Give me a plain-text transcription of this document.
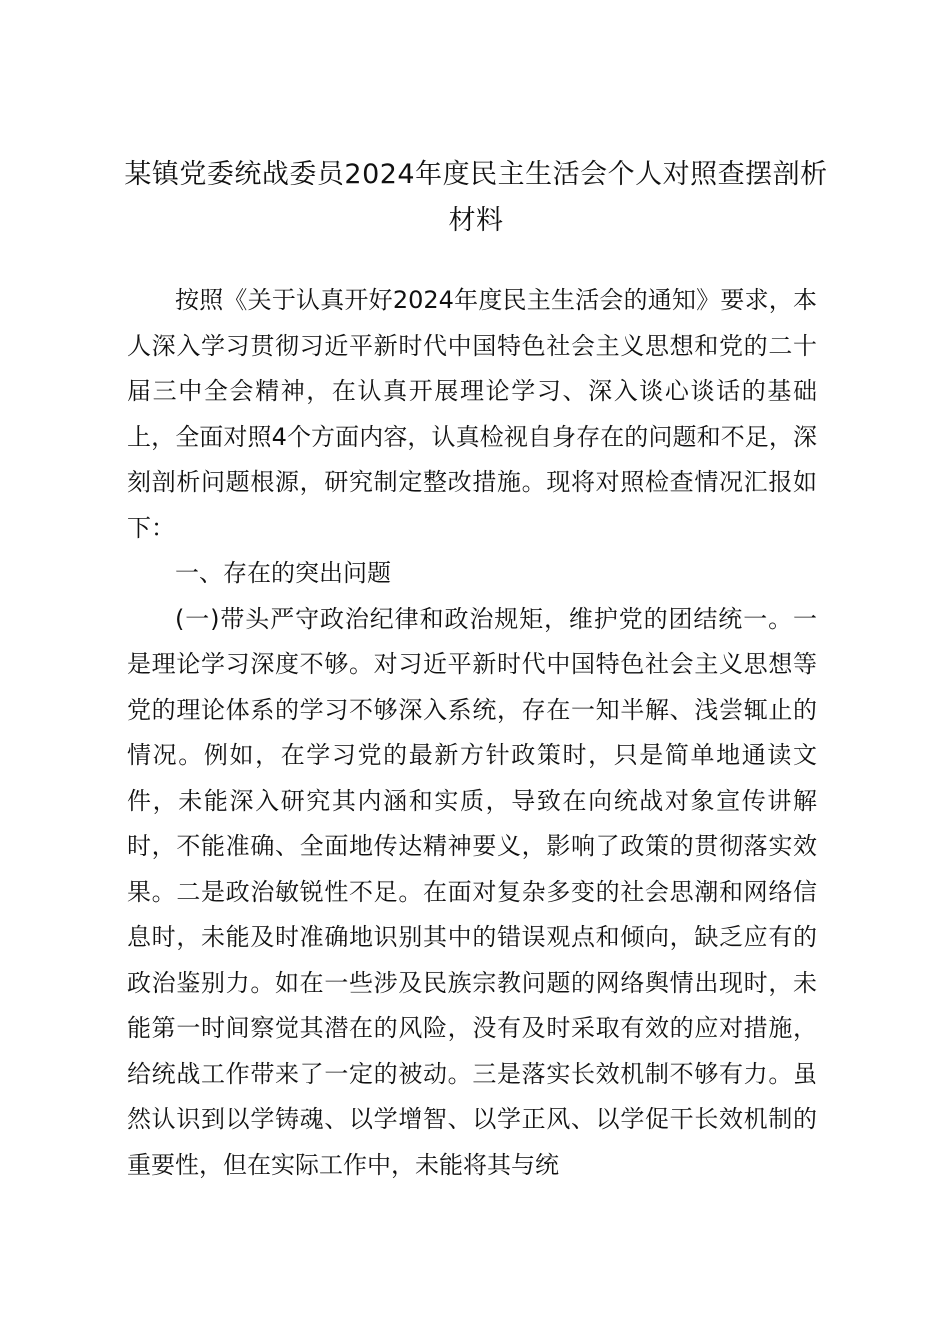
某镇党委统战委员2024年度民主生活会个人对照查摆剖析材料

按照《关于认真开好2024年度民主生活会的通知》要求，本人深入学习贯彻习近平新时代中国特色社会主义思想和党的二十届三中全会精神，在认真开展理论学习、深入谈心谈话的基础上，全面对照4个方面内容，认真检视自身存在的问题和不足，深刻剖析问题根源，研究制定整改措施。现将对照检查情况汇报如下：

一、存在的突出问题

(一)带头严守政治纪律和政治规矩，维护党的团结统一。一是理论学习深度不够。对习近平新时代中国特色社会主义思想等党的理论体系的学习不够深入系统，存在一知半解、浅尝辄止的情况。例如，在学习党的最新方针政策时，只是简单地通读文件，未能深入研究其内涵和实质，导致在向统战对象宣传讲解时，不能准确、全面地传达精神要义，影响了政策的贯彻落实效果。二是政治敏锐性不足。在面对复杂多变的社会思潮和网络信息时，未能及时准确地识别其中的错误观点和倾向，缺乏应有的政治鉴别力。如在一些涉及民族宗教问题的网络舆情出现时，未能第一时间察觉其潜在的风险，没有及时采取有效的应对措施，给统战工作带来了一定的被动。三是落实长效机制不够有力。虽然认识到以学铸魂、以学增智、以学正风、以学促干长效机制的重要性，但在实际工作中，未能将其与统
